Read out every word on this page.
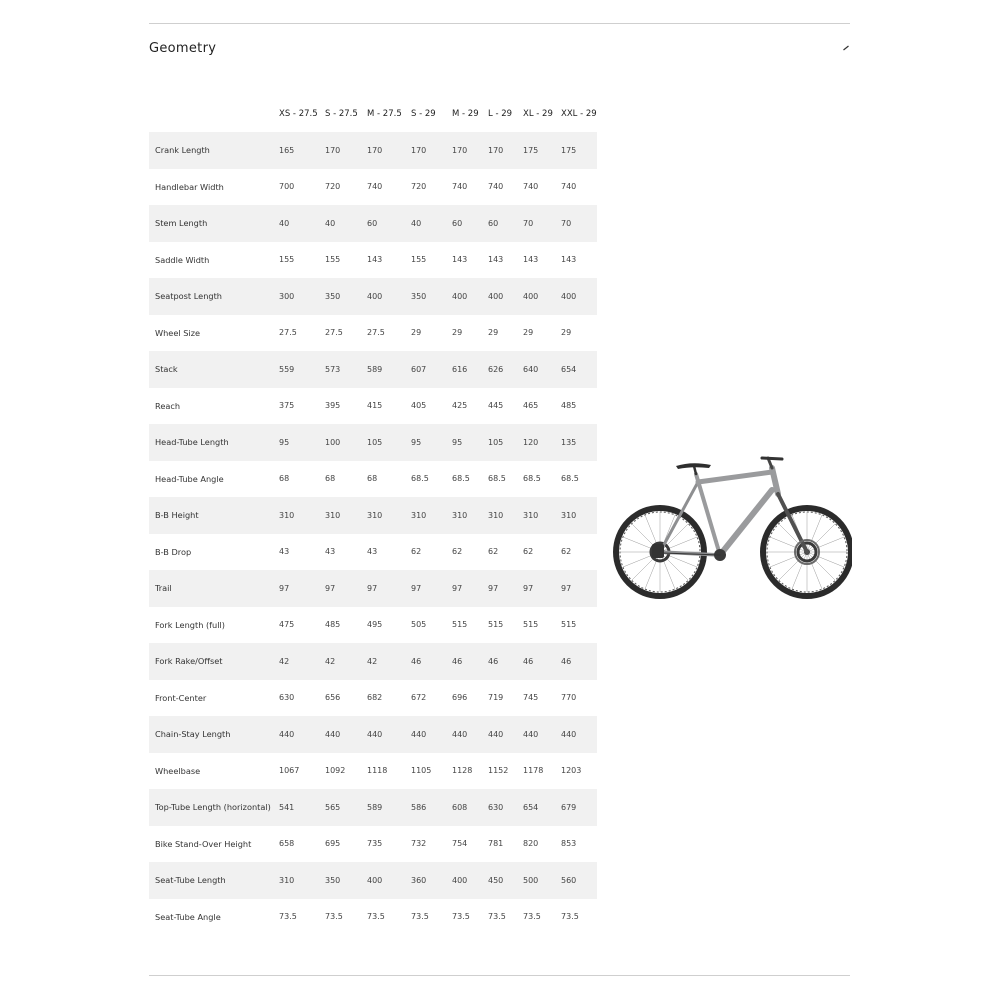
Geometry
	XS - 27.5	S - 27.5	M - 27.5	S - 29	M - 29	L - 29	XL - 29	XXL - 29
Crank Length	165	170	170	170	170	170	175	175
Handlebar Width	700	720	740	720	740	740	740	740
Stem Length	40	40	60	40	60	60	70	70
Saddle Width	155	155	143	155	143	143	143	143
Seatpost Length	300	350	400	350	400	400	400	400
Wheel Size	27.5	27.5	27.5	29	29	29	29	29
Stack	559	573	589	607	616	626	640	654
Reach	375	395	415	405	425	445	465	485
Head-Tube Length	95	100	105	95	95	105	120	135
Head-Tube Angle	68	68	68	68.5	68.5	68.5	68.5	68.5
B-B Height	310	310	310	310	310	310	310	310
B-B Drop	43	43	43	62	62	62	62	62
Trail	97	97	97	97	97	97	97	97
Fork Length (full)	475	485	495	505	515	515	515	515
Fork Rake/Offset	42	42	42	46	46	46	46	46
Front-Center	630	656	682	672	696	719	745	770
Chain-Stay Length	440	440	440	440	440	440	440	440
Wheelbase	1067	1092	1118	1105	1128	1152	1178	1203
Top-Tube Length (horizontal)	541	565	589	586	608	630	654	679
Bike Stand-Over Height	658	695	735	732	754	781	820	853
Seat-Tube Length	310	350	400	360	400	450	500	560
Seat-Tube Angle	73.5	73.5	73.5	73.5	73.5	73.5	73.5	73.5
